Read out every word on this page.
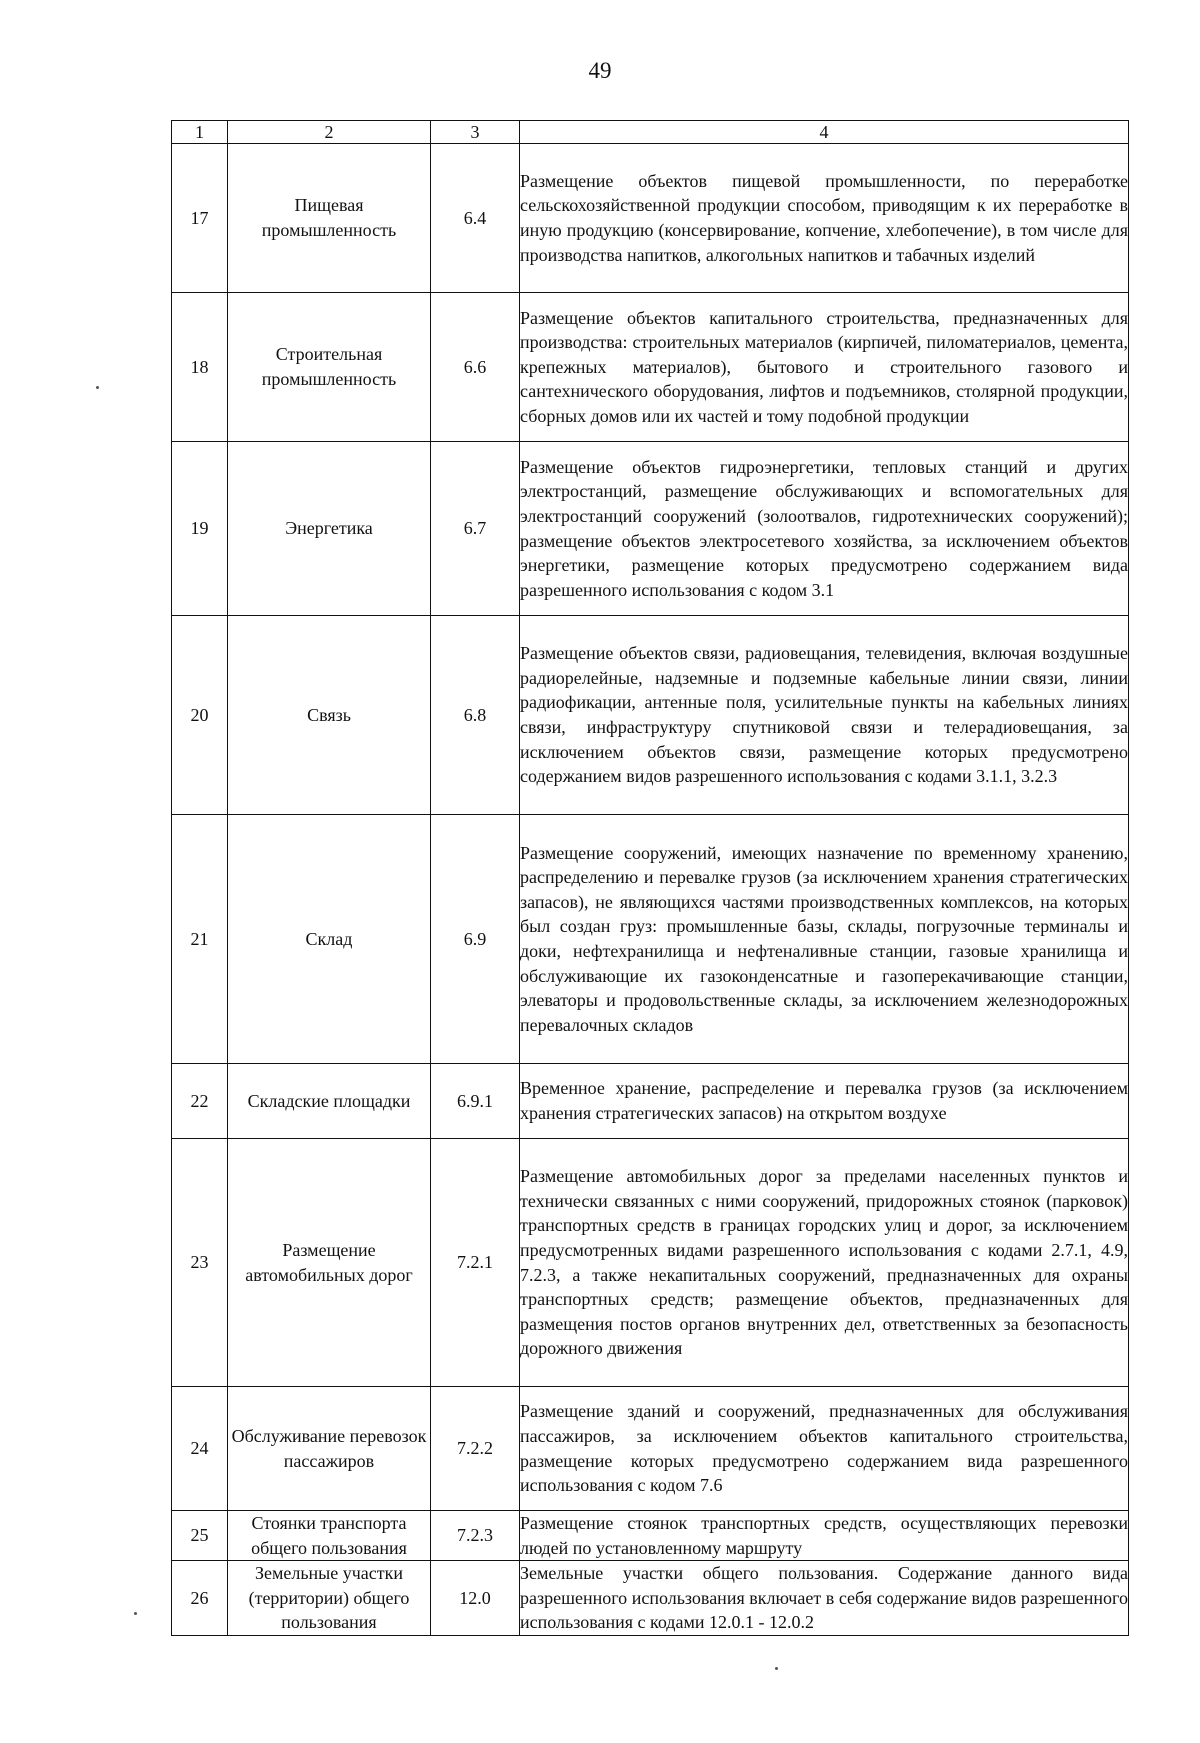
49
1	2	3	4
17	Пищевая промышленность	6.4	Размещение объектов пищевой промышленности, по переработке сельскохозяйственной продукции способом, приводящим к их переработке в иную продукцию (консервирование, копчение, хлебопечение), в том числе для производства напитков, алкогольных напитков и табачных изделий
18	Строительная промышленность	6.6	Размещение объектов капитального строительства, предназначенных для производства: строительных материалов (кирпичей, пиломатериалов, цемента, крепежных материалов), бытового и строительного газового и сантехнического оборудования, лифтов и подъемников, столярной продукции, сборных домов или их частей и тому подобной продукции
19	Энергетика	6.7	Размещение объектов гидроэнергетики, тепловых станций и других электростанций, размещение обслуживающих и вспомогательных для электростанций сооружений (золоотвалов, гидротехнических сооружений); размещение объектов электросетевого хозяйства, за исключением объектов энергетики, размещение которых предусмотрено содержанием вида разрешенного использования с кодом 3.1
20	Связь	6.8	Размещение объектов связи, радиовещания, телевидения, включая воздушные радиорелейные, надземные и подземные кабельные линии связи, линии радиофикации, антенные поля, усилительные пункты на кабельных линиях связи, инфраструктуру спутниковой связи и телерадиовещания, за исключением объектов связи, размещение которых предусмотрено содержанием видов разрешенного использования с кодами 3.1.1, 3.2.3
21	Склад	6.9	Размещение сооружений, имеющих назначение по временному хранению, распределению и перевалке грузов (за исключением хранения стратегических запасов), не являющихся частями производственных комплексов, на которых был создан груз: промышленные базы, склады, погрузочные терминалы и доки, нефтехранилища и нефтеналивные станции, газовые хранилища и обслуживающие их газоконденсатные и газоперекачивающие станции, элеваторы и продовольственные склады, за исключением железнодорожных перевалочных складов
22	Складские площадки	6.9.1	Временное хранение, распределение и перевалка грузов (за исключением хранения стратегических запасов) на открытом воздухе
23	Размещение автомобильных дорог	7.2.1	Размещение автомобильных дорог за пределами населенных пунктов и технически связанных с ними сооружений, придорожных стоянок (парковок) транспортных средств в границах городских улиц и дорог, за исключением предусмотренных видами разрешенного использования с кодами 2.7.1, 4.9, 7.2.3, а также некапитальных сооружений, предназначенных для охраны транспортных средств; размещение объектов, предназначенных для размещения постов органов внутренних дел, ответственных за безопасность дорожного движения
24	Обслуживание перевозок пассажиров	7.2.2	Размещение зданий и сооружений, предназначенных для обслуживания пассажиров, за исключением объектов капитального строительства, размещение которых предусмотрено содержанием вида разрешенного использования с кодом 7.6
25	Стоянки транспорта общего пользования	7.2.3	Размещение стоянок транспортных средств, осуществляющих перевозки людей по установленному маршруту
26	Земельные участки (территории) общего пользования	12.0	Земельные участки общего пользования. Содержание данного вида разрешенного использования включает в себя содержание видов разрешенного использования с кодами 12.0.1 - 12.0.2
